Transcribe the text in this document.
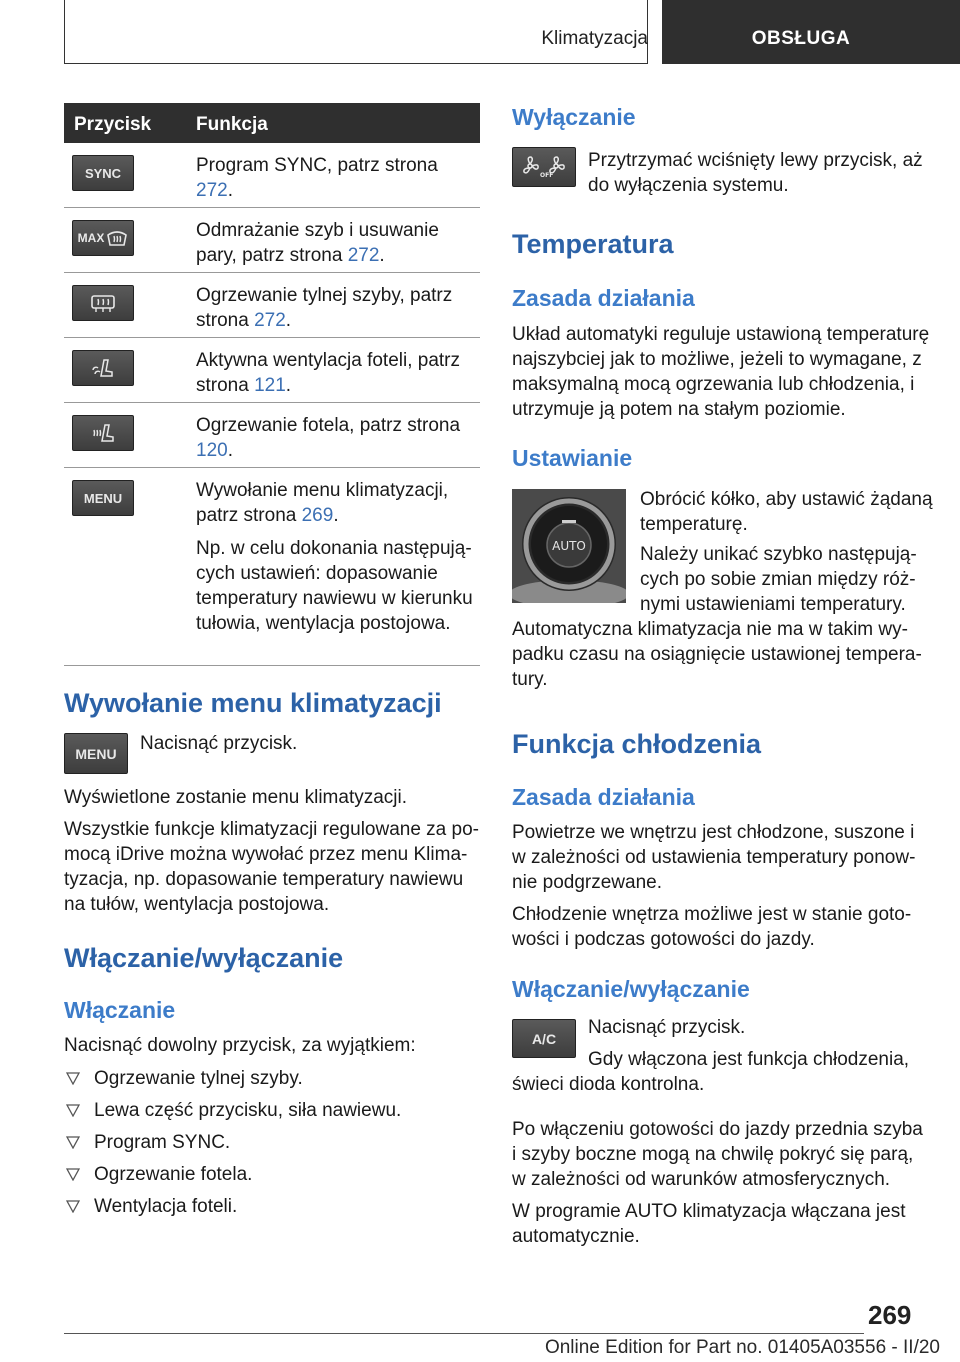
Klimatyzacja	OBSŁUGA
Przycisk Funkcja
SYNC	Program SYNC, patrz strona 272.
MAX	Odmrażanie szyb i usuwanie pary, patrz strona 272.
Ogrzewanie tylnej szyby, patrz strona 272.
Aktywna wentylacja foteli, patrz strona 121.
Ogrzewanie fotela, patrz strona 120.
MENU	Wywołanie menu klimatyzacji, patrz strona 269.

Np. w celu dokonania następujących ustawień: dopasowanie temperatury nawiewu w kierunku tułowia, wentylacja postojowa.

Wywołanie menu klimatyzacji
MENU Nacisnąć przycisk.
Wyświetlone zostanie menu klimatyzacji.
Wszystkie funkcje klimatyzacji regulowane za pomocą iDrive można wywołać przez menu Klimatyzacja, np. dopasowanie temperatury nawiewu na tułów, wentylacja postojowa.
Włączanie/wyłączanie
Włączanie
Nacisnąć dowolny przycisk, za wyjątkiem:
Ogrzewanie tylnej szyby.
Lewa część przycisku, siła nawiewu.
Program SYNC.
Ogrzewanie fotela.
Wentylacja foteli.
Wyłączanie
OFF
Przytrzymać wciśnięty lewy przycisk, aż do wyłączenia systemu.
Temperatura
Zasada działania
Układ automatyki reguluje ustawioną temperaturę najszybciej jak to możliwe, jeżeli to wymagane, z maksymalną mocą ogrzewania lub chłodzenia, i utrzymuje ją potem na stałym poziomie.
Ustawianie
AUTO
Obrócić kółko, aby ustawić żądaną temperaturę.
Należy unikać szybko następujących po sobie zmian między różnymi ustawieniami temperatury.
Automatyczna klimatyzacja nie ma w takim wypadku czasu na osiągnięcie ustawionej temperatury.
Funkcja chłodzenia
Zasada działania
Powietrze we wnętrzu jest chłodzone, suszone i w zależności od ustawienia temperatury ponownie podgrzewane.
Chłodzenie wnętrza możliwe jest w stanie gotowości i podczas gotowości do jazdy.
Włączanie/wyłączanie
A/C
Nacisnąć przycisk.
Gdy włączona jest funkcja chłodzenia, świeci dioda kontrolna.
Po włączeniu gotowości do jazdy przednia szyba i szyby boczne mogą na chwilę pokryć się parą, w zależności od warunków atmosferycznych.
W programie AUTO klimatyzacja włączana jest automatycznie.
269
Online Edition for Part no. 01405A03556 - II/20
